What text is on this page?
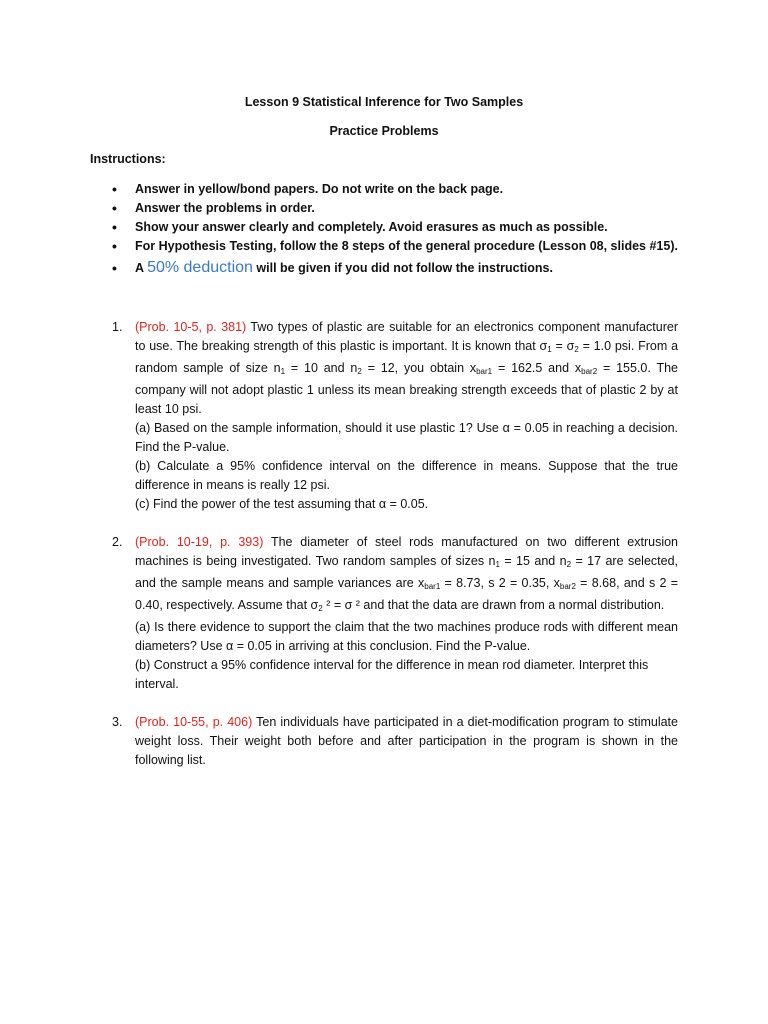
Lesson 9 Statistical Inference for Two Samples
Practice Problems
Instructions:
• Answer in yellow/bond papers. Do not write on the back page.
• Answer the problems in order.
• Show your answer clearly and completely. Avoid erasures as much as possible.
• For Hypothesis Testing, follow the 8 steps of the general procedure (Lesson 08, slides #15).
• A 50% deduction will be given if you did not follow the instructions.
1. (Prob. 10-5, p. 381) Two types of plastic are suitable for an electronics component manufacturer to use. The breaking strength of this plastic is important. It is known that $\sigma_1 = \sigma_2 = 1.0$ psi. From a random sample of size $n_1 = 10$ and $n_2 = 12$, you obtain $x_{bar1} = 162.5$ and $x_{bar2} = 155.0$. The company will not adopt plastic 1 unless its mean breaking strength exceeds that of plastic 2 by at least 10 psi.
(a) Based on the sample information, should it use plastic 1? Use α = 0.05 in reaching a decision. Find the P-value.
(b) Calculate a 95% confidence interval on the difference in means. Suppose that the true difference in means is really 12 psi.
(c) Find the power of the test assuming that α = 0.05.
2. (Prob. 10-19, p. 393) The diameter of steel rods manufactured on two different extrusion machines is being investigated. Two random samples of sizes $n_1 = 15$ and $n_2 = 17$ are selected, and the sample means and sample variances are $x_{bar1} = 8.73$, s 2 = 0.35, $x_{bar2} = 8.68$, and s 2 = 0.40, respectively. Assume that $\sigma_2$ ² = σ ² and that the data are drawn from a normal distribution.
(a) Is there evidence to support the claim that the two machines produce rods with different mean diameters? Use α = 0.05 in arriving at this conclusion. Find the P-value.
(b) Construct a 95% confidence interval for the difference in mean rod diameter. Interpret this interval.
3. (Prob. 10-55, p. 406) Ten individuals have participated in a diet-modification program to stimulate weight loss. Their weight both before and after participation in the program is shown in the following list.
